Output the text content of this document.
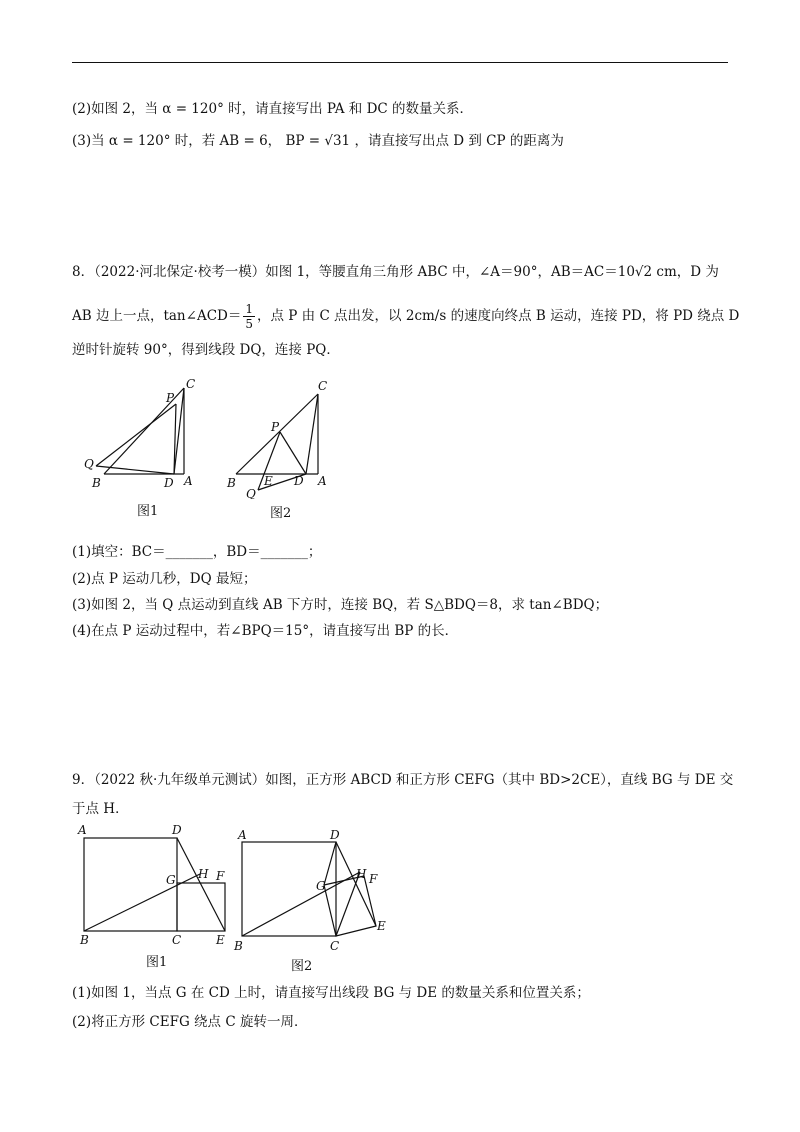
(2)如图 2，当 α = 120° 时，请直接写出 PA 和 DC 的数量关系．
(3)当 α = 120° 时，若 AB = 6， BP = √31 ，请直接写出点 D 到 CP 的距离为
8．（2022·河北保定·校考一模）如图 1，等腰直角三角形 ABC 中，∠A＝90°，AB＝AC＝10√2 cm，D 为
AB 边上一点，tan∠ACD＝ $\frac{1}{5}$ ，点 P 由 C 点出发，以 2cm/s 的速度向终点 B 运动，连接 PD，将 PD 绕点 D
逆时针旋转 90°，得到线段 DQ，连接 PQ．
C
P
Q
B	D A
图1
C
P
B E D A
Q
图2
(1)填空：BC＝_______，BD＝_______；
(2)点 P 运动几秒，DQ 最短；
(3)如图 2，当 Q 点运动到直线 AB 下方时，连接 BQ，若 S△BDQ＝8，求 tan∠BDQ；
(4)在点 P 运动过程中，若∠BPQ＝15°，请直接写出 BP 的长．
9．（2022 秋·九年级单元测试）如图，正方形 ABCD 和正方形 CEFG（其中 BD>2CE），直线 BG 与 DE 交
于点 H．
A	D
G H F
B	C	E
图1
A	D
G
H F
B	C
E
图2
(1)如图 1，当点 G 在 CD 上时，请直接写出线段 BG 与 DE 的数量关系和位置关系；
(2)将正方形 CEFG 绕点 C 旋转一周．
